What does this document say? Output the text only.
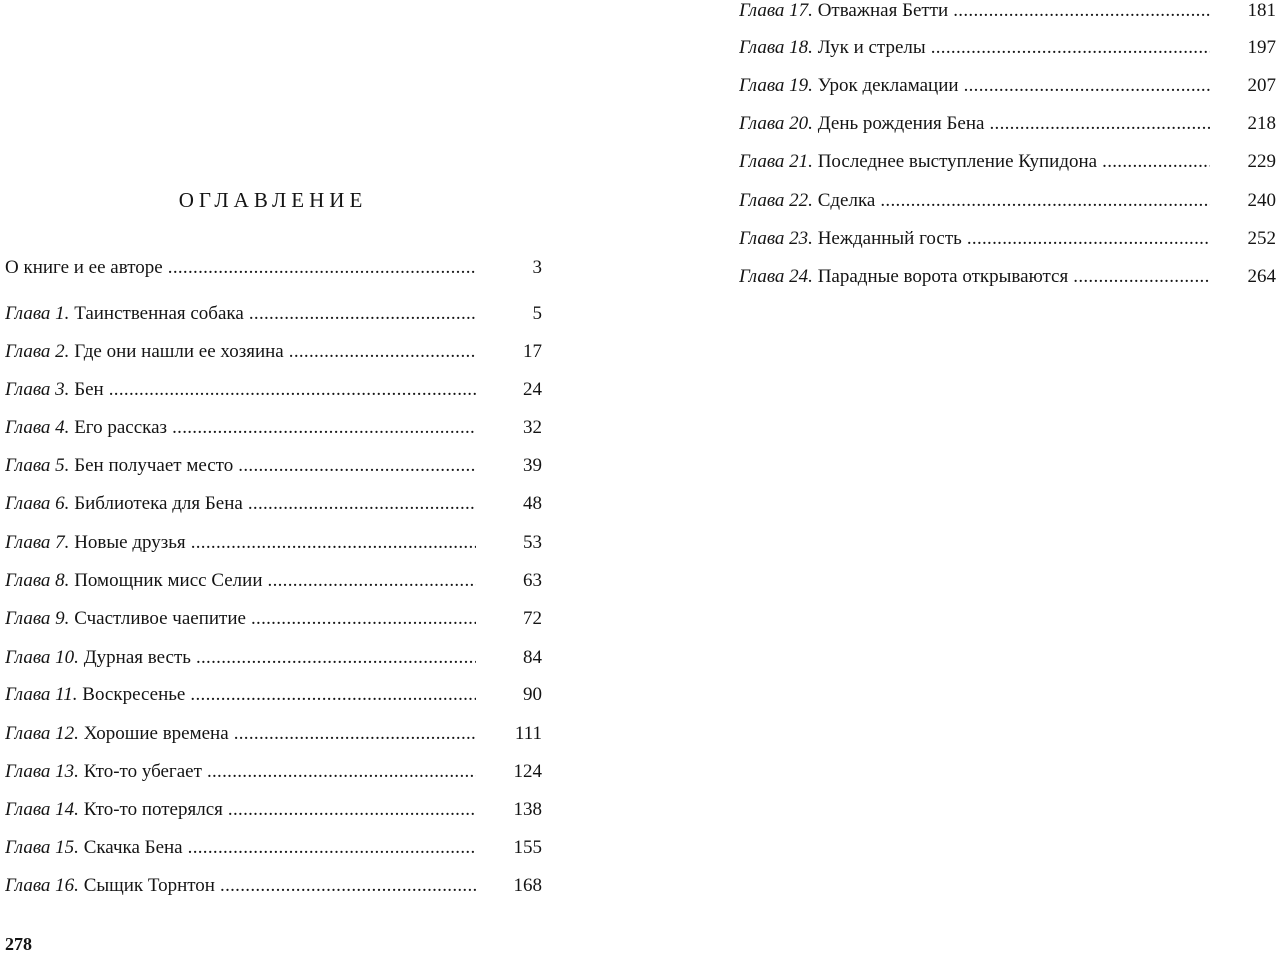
ОГЛАВЛЕНИЕ
О книге и ее авторе .....	3
Глава 1. Таинственная собака .....	5
Глава 2. Где они нашли ее хозяина .....	17
Глава 3. Бен .....	24
Глава 4. Его рассказ .....	32
Глава 5. Бен получает место .....	39
Глава 6. Библиотека для Бена .....	48
Глава 7. Новые друзья .....	53
Глава 8. Помощник мисс Селии .....	63
Глава 9. Счастливое чаепитие .....	72
Глава 10. Дурная весть .....	84
Глава 11. Воскресенье .....	90
Глава 12. Хорошие времена .....	111
Глава 13. Кто-то убегает .....	124
Глава 14. Кто-то потерялся .....	138
Глава 15. Скачка Бена .....	155
Глава 16. Сыщик Торнтон .....	168
Глава 17. Отважная Бетти .....	181
Глава 18. Лук и стрелы .....	197
Глава 19. Урок декламации .....	207
Глава 20. День рождения Бена .....	218
Глава 21. Последнее выступление Купидона .....	229
Глава 22. Сделка .....	240
Глава 23. Нежданный гость .....	252
Глава 24. Парадные ворота открываются .....	264
278
